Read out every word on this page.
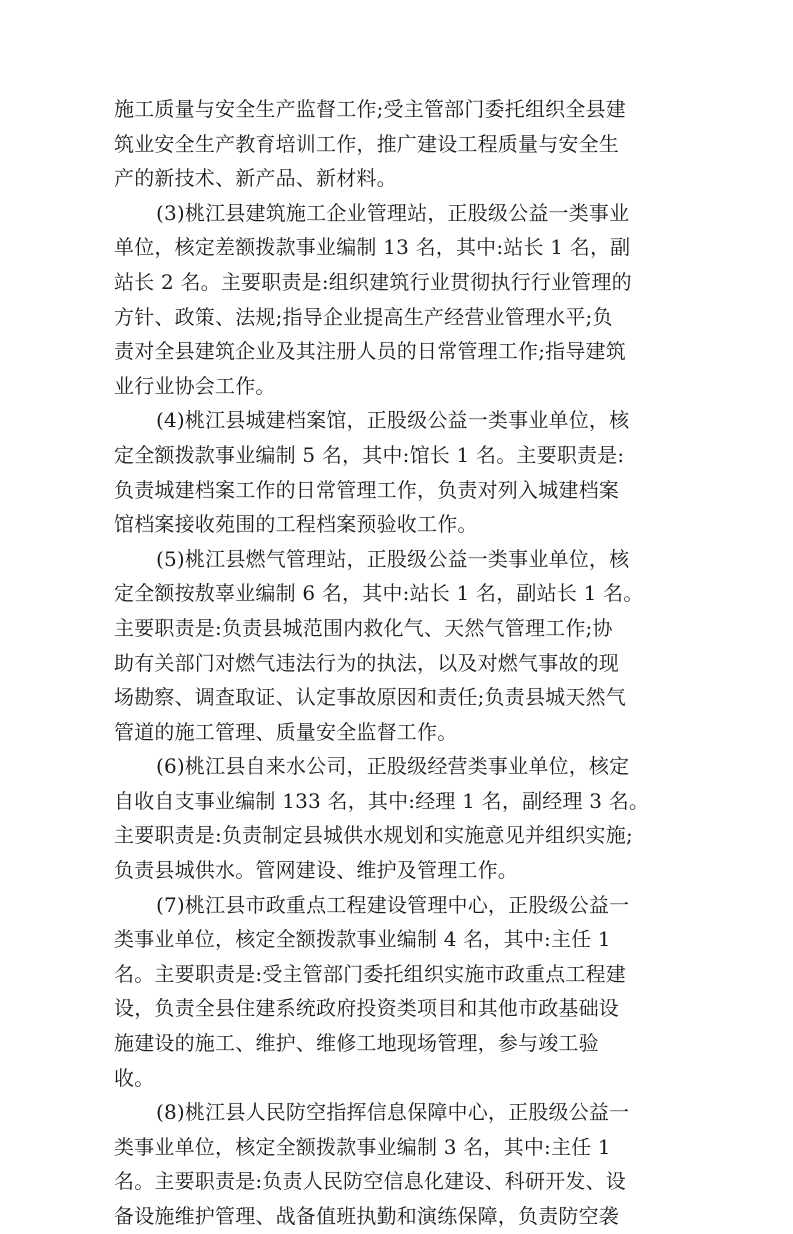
施工质量与安全生产监督工作;受主管部门委托组织全县建
筑业安全生产教育培训工作，推广建设工程质量与安全生
产的新技术、新产品、新材料。
(3)桃江县建筑施工企业管理站，正股级公益一类事业
单位，核定差额拨款事业编制 13 名，其中:站长 1 名，副
站长 2 名。主要职责是:组织建筑行业贯彻执行行业管理的
方针、政策、法规;指导企业提高生产经营业管理水平;负
责对全县建筑企业及其注册人员的日常管理工作;指导建筑
业行业协会工作。
(4)桃江县城建档案馆，正股级公益一类事业单位，核
定全额拨款事业编制 5 名，其中:馆长 1 名。主要职责是:
负责城建档案工作的日常管理工作，负责对列入城建档案
馆档案接收苑围的工程档案预验收工作。
(5)桃江县燃气管理站，正股级公益一类事业单位，核
定全额按敖辜业编制 6 名，其中:站长 1 名，副站长 1 名。
主要职责是:负责县城范围内救化气、天然气管理工作;协
助有关部门对燃气违法行为的执法，以及对燃气事故的现
场勘察、调查取证、认定事故原因和责任;负责县城天然气
管道的施工管理、质量安全监督工作。
(6)桃江县自来水公司，正股级经营类事业单位，核定
自收自支事业编制 133 名，其中:经理 1 名，副经理 3 名。
主要职责是:负责制定县城供水规划和实施意见并组织实施;
负责县城供水。管网建设、维护及管理工作。
(7)桃江县市政重点工程建设管理中心，正股级公益一
类事业单位，核定全额拨款事业编制 4 名，其中:主任 1
名。主要职责是:受主管部门委托组织实施市政重点工程建
设，负责全县住建系统政府投资类项目和其他市政基础设
施建设的施工、维护、维修工地现场管理，参与竣工验
收。
(8)桃江县人民防空指挥信息保障中心，正股级公益一
类事业单位，核定全额拨款事业编制 3 名，其中:主任 1
名。主要职责是:负责人民防空信息化建设、科研开发、设
备设施维护管理、战备值班执勤和演练保障，负责防空袭
